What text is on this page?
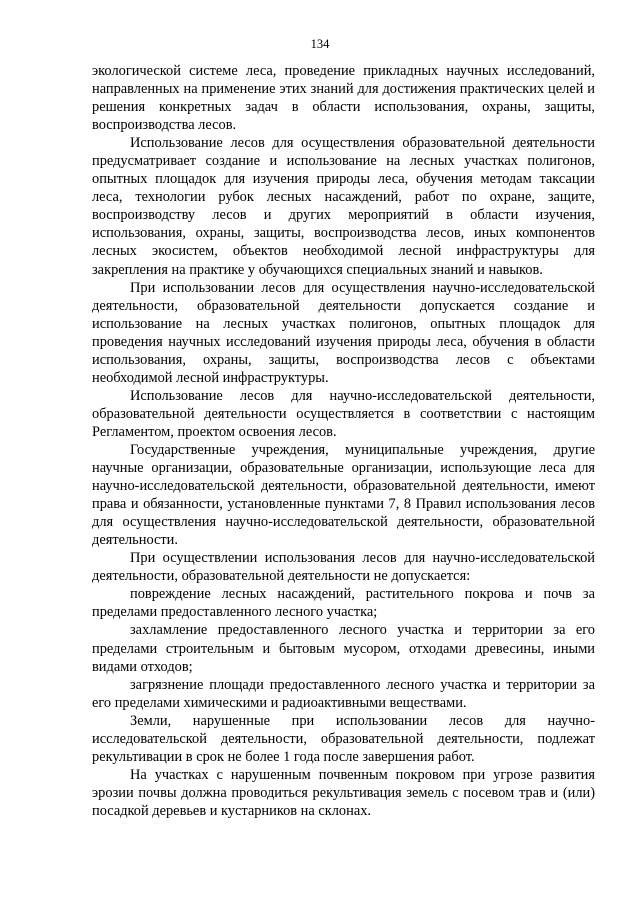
134

экологической системе леса, проведение прикладных научных исследований, направленных на применение этих знаний для достижения практических целей и решения конкретных задач в области использования, охраны, защиты, воспроизводства лесов.

Использование лесов для осуществления образовательной деятельности предусматривает создание и использование на лесных участках полигонов, опытных площадок для изучения природы леса, обучения методам таксации леса, технологии рубок лесных насаждений, работ по охране, защите, воспроизводству лесов и других мероприятий в области изучения, использования, охраны, защиты, воспроизводства лесов, иных компонентов лесных экосистем, объектов необходимой лесной инфраструктуры для закрепления на практике у обучающихся специальных знаний и навыков.

При использовании лесов для осуществления научно-исследовательской деятельности, образовательной деятельности допускается создание и использование на лесных участках полигонов, опытных площадок для проведения научных исследований изучения природы леса, обучения в области использования, охраны, защиты, воспроизводства лесов с объектами необходимой лесной инфраструктуры.

Использование лесов для научно-исследовательской деятельности, образовательной деятельности осуществляется в соответствии с настоящим Регламентом, проектом освоения лесов.

Государственные учреждения, муниципальные учреждения, другие научные организации, образовательные организации, использующие леса для научно-исследовательской деятельности, образовательной деятельности, имеют права и обязанности, установленные пунктами 7, 8 Правил использования лесов для осуществления научно-исследовательской деятельности, образовательной деятельности.

При осуществлении использования лесов для научно-исследовательской деятельности, образовательной деятельности не допускается:

повреждение лесных насаждений, растительного покрова и почв за пределами предоставленного лесного участка;

захламление предоставленного лесного участка и территории за его пределами строительным и бытовым мусором, отходами древесины, иными видами отходов;

загрязнение площади предоставленного лесного участка и территории за его пределами химическими и радиоактивными веществами.

Земли, нарушенные при использовании лесов для научно-исследовательской деятельности, образовательной деятельности, подлежат рекультивации в срок не более 1 года после завершения работ.

На участках с нарушенным почвенным покровом при угрозе развития эрозии почвы должна проводиться рекультивация земель с посевом трав и (или) посадкой деревьев и кустарников на склонах.
